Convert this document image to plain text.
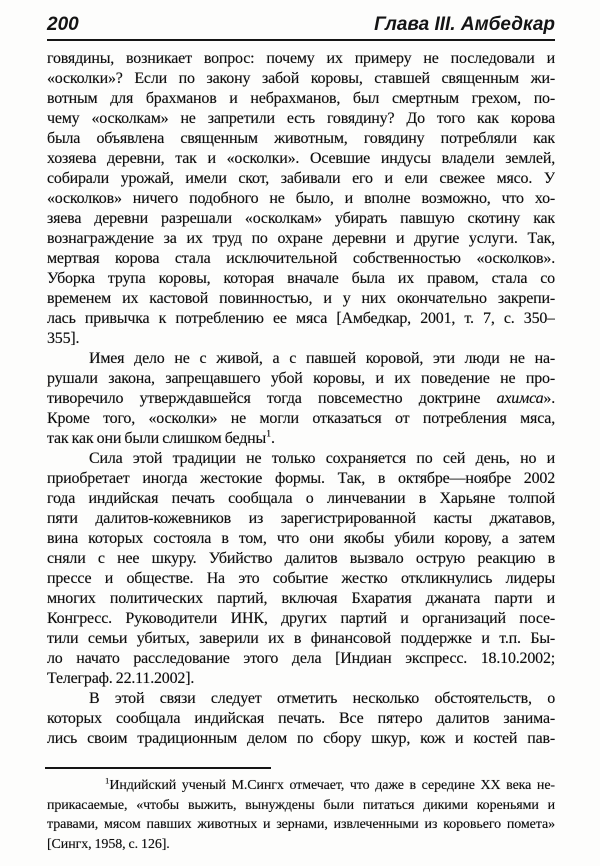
200	Глава III. Амбедкар
говядины, возникает вопрос: почему их примеру не последовали и
«осколки»? Если по закону забой коровы, ставшей священным жи-
вотным для брахманов и небрахманов, был смертным грехом, по-
чему «осколкам» не запретили есть говядину? До того как корова
была объявлена священным животным, говядину потребляли как
хозяева деревни, так и «осколки». Осевшие индусы владели землей,
собирали урожай, имели скот, забивали его и ели свежее мясо. У
«осколков» ничего подобного не было, и вполне возможно, что хо-
зяева деревни разрешали «осколкам» убирать павшую скотину как
вознаграждение за их труд по охране деревни и другие услуги. Так,
мертвая корова стала исключительной собственностью «осколков».
Уборка трупа коровы, которая вначале была их правом, стала со
временем их кастовой повинностью, и у них окончательно закрепи-
лась привычка к потреблению ее мяса [Амбедкар, 2001, т. 7, с. 350–
355].
Имея дело не с живой, а с павшей коровой, эти люди не на-
рушали закона, запрещавшего убой коровы, и их поведение не про-
тиворечило утверждавшейся тогда повсеместно доктрине ахимса».
Кроме того, «осколки» не могли отказаться от потребления мяса,
так как они были слишком бедны$^1$.
Сила этой традиции не только сохраняется по сей день, но и
приобретает иногда жестокие формы. Так, в октябре—ноябре 2002
года индийская печать сообщала о линчевании в Харьяне толпой
пяти далитов-кожевников из зарегистрированной касты джатавов,
вина которых состояла в том, что они якобы убили корову, а затем
сняли с нее шкуру. Убийство далитов вызвало острую реакцию в
прессе и обществе. На это событие жестко откликнулись лидеры
многих политических партий, включая Бхаратия джаната парти и
Конгресс. Руководители ИНК, других партий и организаций посе-
тили семьи убитых, заверили их в финансовой поддержке и т.п. Бы-
ло начато расследование этого дела [Индиан экспресс. 18.10.2002;
Телеграф. 22.11.2002].
В этой связи следует отметить несколько обстоятельств, о
которых сообщала индийская печать. Все пятеро далитов занима-
лись своим традиционным делом по сбору шкур, кож и костей пав-
$^1$Индийский ученый М.Сингх отмечает, что даже в середине XX века не-
прикасаемые, «чтобы выжить, вынуждены были питаться дикими кореньями и
травами, мясом павших животных и зернами, извлеченными из коровьего помета»
[Сингх, 1958, с. 126].
